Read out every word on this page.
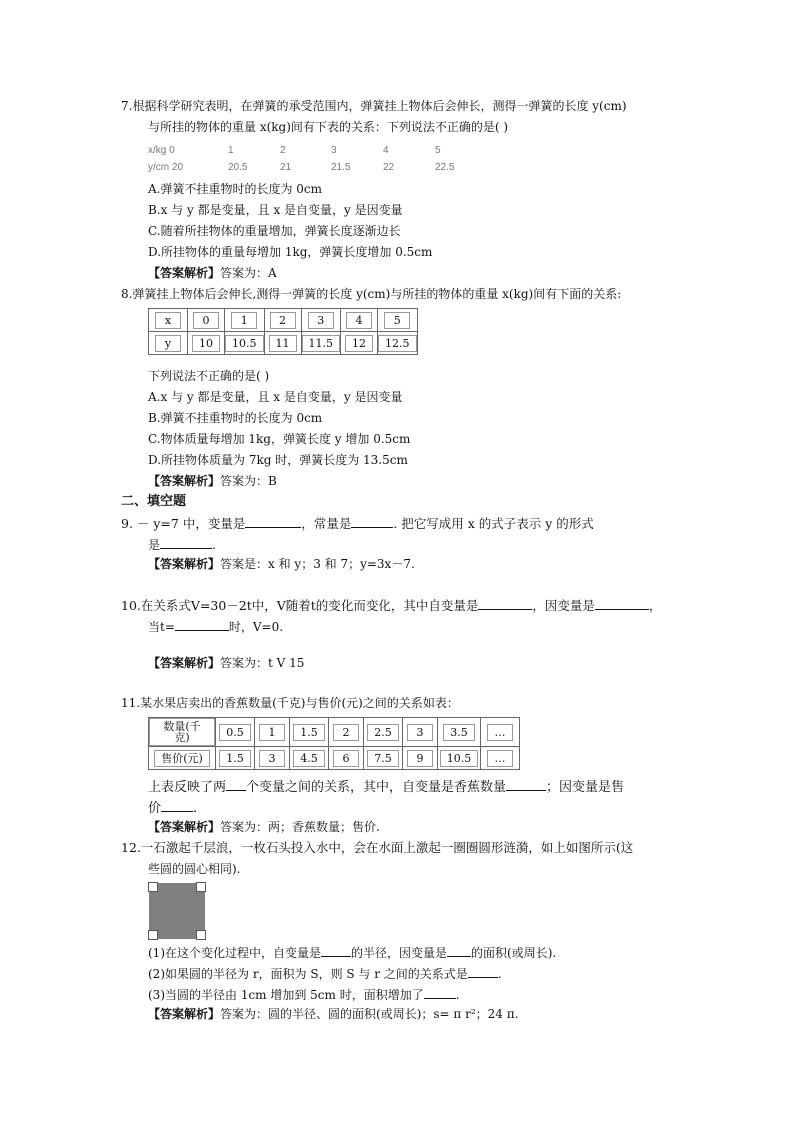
7.根据科学研究表明，在弹簧的承受范围内，弹簧挂上物体后会伸长，测得一弹簧的长度 y(cm)
与所挂的物体的重量 x(kg)间有下表的关系：下列说法不正确的是( )
x/kg 0	1	2	3	4	5
y/cm 20	20.5	21	21.5	22	22.5
A.弹簧不挂重物时的长度为 0cm
B.x 与 y 都是变量，且 x 是自变量，y 是因变量
C.随着所挂物体的重量增加，弹簧长度逐渐边长
D.所挂物体的重量每增加 1kg，弹簧长度增加 0.5cm
【答案解析】答案为：A
8.弹簧挂上物体后会伸长,测得一弹簧的长度 y(cm)与所挂的物体的重量 x(kg)间有下面的关系:
x	0	1	2	3	4	5
y	10	10.5	11	11.5	12	12.5
下列说法不正确的是( )
A.x 与 y 都是变量，且 x 是自变量，y 是因变量
B.弹簧不挂重物时的长度为 0cm
C.物体质量每增加 1kg，弹簧长度 y 增加 0.5cm
D.所挂物体质量为 7kg 时，弹簧长度为 13.5cm
【答案解析】答案为：B
二、填空题
9. － y=7 中，变量是	，常量是	. 把它写成用 x 的式子表示 y 的形式
是	.
【答案解析】答案是：x 和 y；3 和 7；y=3x－7.
10.在关系式V=30－2t中，V随着t的变化而变化，其中自变量是	，因变量是	，
当t=	时，V=0.
【答案解析】答案为：t V 15
11.某水果店卖出的香蕉数量(千克)与售价(元)之间的关系如表：
数量(千克)	0.5	1	1.5	2	2.5	3	3.5	…
售价(元)	1.5	3	4.5	6	7.5	9	10.5	…
上表反映了两 个变量之间的关系，其中，自变量是香蕉数量	；因变量是售
价 .
【答案解析】答案为：两；香蕉数量；售价.
12.一石激起千层浪，一枚石头投入水中，会在水面上激起一圈圈圆形涟漪，如上如图所示(这
些圆的圆心相同).
(1)在这个变化过程中，自变量是	的半径，因变量是 的面积(或周长).
(2)如果圆的半径为 r，面积为 S，则 S 与 r 之间的关系式是	.
(3)当圆的半径由 1cm 增加到 5cm 时，面积增加了	.
【答案解析】答案为：圆的半径、圆的面积(或周长)；s= π r²；24 π.
